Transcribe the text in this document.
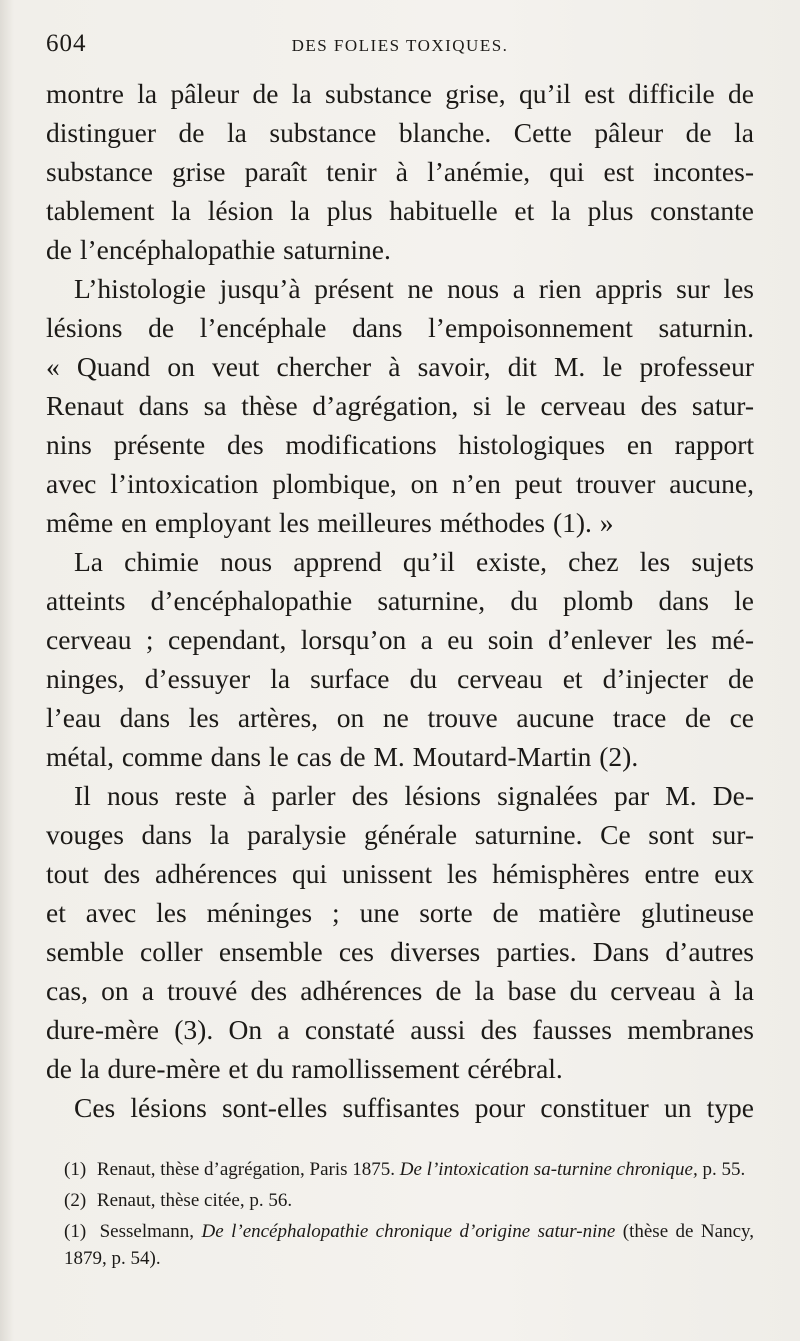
604	DES FOLIES TOXIQUES.

montre la pâleur de la substance grise, qu’il est difficile de
distinguer de la substance blanche. Cette pâleur de la
substance grise paraît tenir à l’anémie, qui est incontes-
tablement la lésion la plus habituelle et la plus constante
de l’encéphalopathie saturnine.

L’histologie jusqu’à présent ne nous a rien appris sur les
lésions de l’encéphale dans l’empoisonnement saturnin.
« Quand on veut chercher à savoir, dit M. le professeur
Renaut dans sa thèse d’agrégation, si le cerveau des satur-
nins présente des modifications histologiques en rapport
avec l’intoxication plombique, on n’en peut trouver aucune,
même en employant les meilleures méthodes (1). »

La chimie nous apprend qu’il existe, chez les sujets
atteints d’encéphalopathie saturnine, du plomb dans le
cerveau ; cependant, lorsqu’on a eu soin d’enlever les mé-
ninges, d’essuyer la surface du cerveau et d’injecter de
l’eau dans les artères, on ne trouve aucune trace de ce
métal, comme dans le cas de M. Moutard-Martin (2).

Il nous reste à parler des lésions signalées par M. De-
vouges dans la paralysie générale saturnine. Ce sont sur-
tout des adhérences qui unissent les hémisphères entre eux
et avec les méninges ; une sorte de matière glutineuse
semble coller ensemble ces diverses parties. Dans d’autres
cas, on a trouvé des adhérences de la base du cerveau à la
dure-mère (3). On a constaté aussi des fausses membranes
de la dure-mère et du ramollissement cérébral.

Ces lésions sont-elles suffisantes pour constituer un type

(1) Renaut, thèse d’agrégation, Paris 1875. De l’intoxication sa-turnine chronique, p. 55.

(2) Renaut, thèse citée, p. 56.

(1) Sesselmann, De l’encéphalopathie chronique d’origine satur-nine (thèse de Nancy, 1879, p. 54).
